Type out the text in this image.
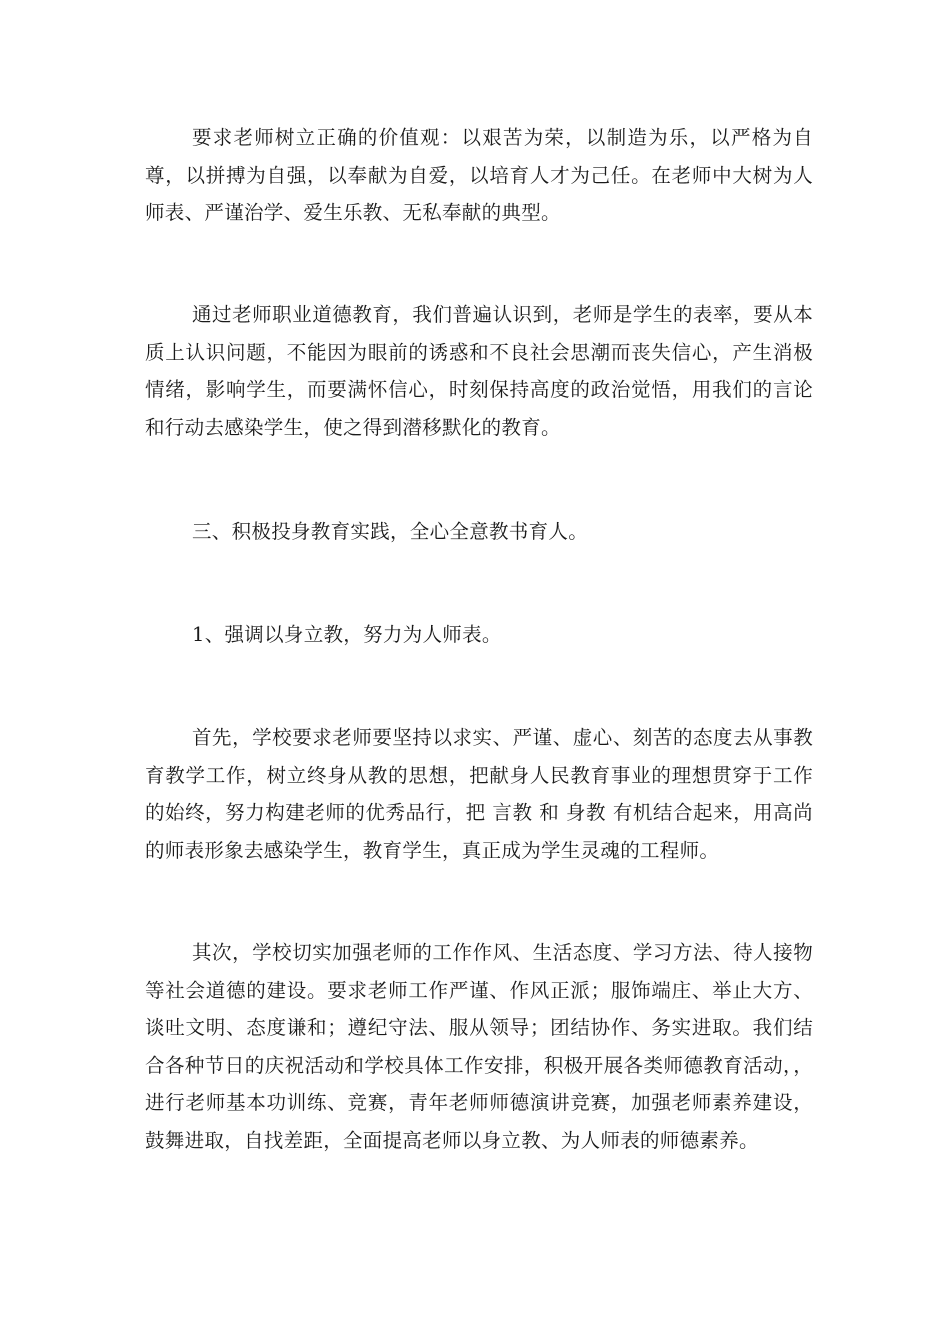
要求老师树立正确的价值观：以艰苦为荣，以制造为乐，以严格为自尊，以拼搏为自强，以奉献为自爱，以培育人才为己任。在老师中大树为人师表、严谨治学、爱生乐教、无私奉献的典型。

通过老师职业道德教育，我们普遍认识到，老师是学生的表率，要从本质上认识问题，不能因为眼前的诱惑和不良社会思潮而丧失信心，产生消极情绪，影响学生，而要满怀信心，时刻保持高度的政治觉悟，用我们的言论和行动去感染学生，使之得到潜移默化的教育。

三、积极投身教育实践，全心全意教书育人。

1、强调以身立教，努力为人师表。

首先，学校要求老师要坚持以求实、严谨、虚心、刻苦的态度去从事教育教学工作，树立终身从教的思想，把献身人民教育事业的理想贯穿于工作的始终，努力构建老师的优秀品行，把 言教 和 身教 有机结合起来，用高尚的师表形象去感染学生，教育学生，真正成为学生灵魂的工程师。

其次，学校切实加强老师的工作作风、生活态度、学习方法、待人接物等社会道德的建设。要求老师工作严谨、作风正派；服饰端庄、举止大方、谈吐文明、态度谦和；遵纪守法、服从领导；团结协作、务实进取。我们结合各种节日的庆祝活动和学校具体工作安排，积极开展各类师德教育活动，，进行老师基本功训练、竞赛，青年老师师德演讲竞赛，加强老师素养建设，鼓舞进取，自找差距，全面提高老师以身立教、为人师表的师德素养。
